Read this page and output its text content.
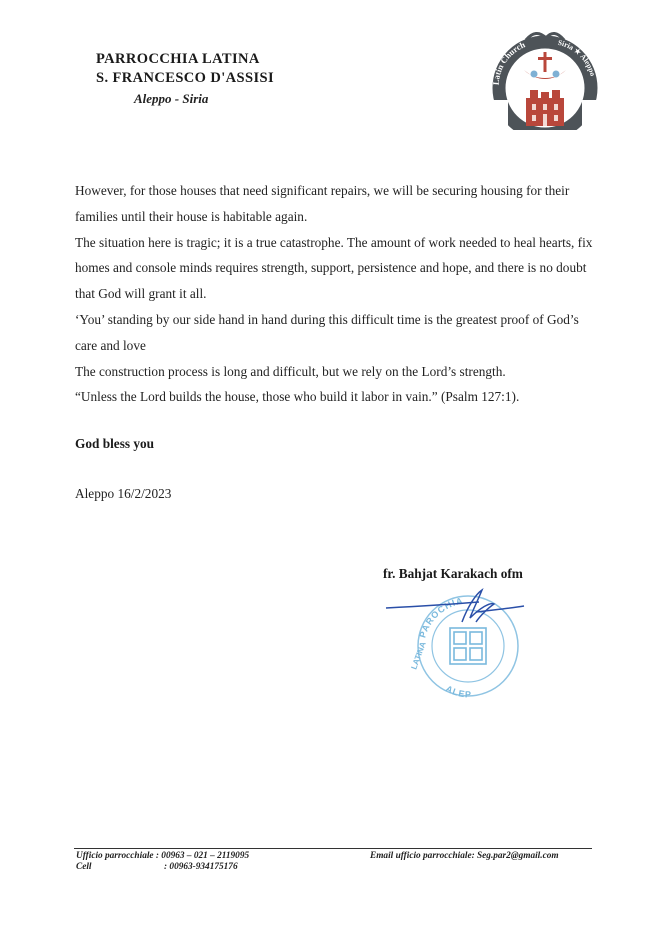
PARROCCHIA LATINA
S. FRANCESCO D'ASSISI
Aleppo - Siria
Latin Church	Siria ★ Aleppo

However, for those houses that need significant repairs, we will be securing housing for their families until their house is habitable again.

The situation here is tragic; it is a true catastrophe. The amount of work needed to heal hearts, fix homes and console minds requires strength, support, persistence and hope, and there is no doubt that God will grant it all.

‘You’ standing by our side hand in hand during this difficult time is the greatest proof of God’s care and love

The construction process is long and difficult, but we rely on the Lord’s strength.

“Unless the Lord builds the house, those who build it labor in vain.” (Psalm 127:1).

God bless you
Aleppo 16/2/2023
fr. Bahjat Karakach ofm
PAROCHIA
LATINA
ALEP
Ufficio parrocchiale : 00963 – 021 – 2119095
Cell	: 00963-934175176
Email ufficio parrocchiale: Seg.par2@gmail.com
